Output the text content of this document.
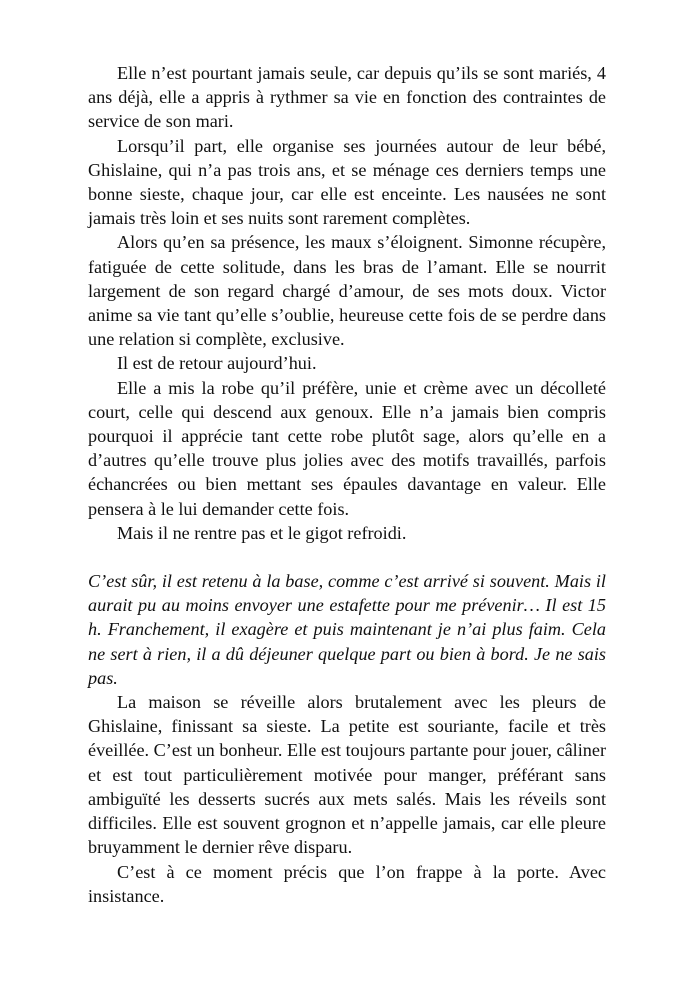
Elle n’est pourtant jamais seule, car depuis qu’ils se sont mariés, 4 ans déjà, elle a appris à rythmer sa vie en fonction des contraintes de service de son mari.

Lorsqu’il part, elle organise ses journées autour de leur bébé, Ghislaine, qui n’a pas trois ans, et se ménage ces derniers temps une bonne sieste, chaque jour, car elle est enceinte. Les nausées ne sont jamais très loin et ses nuits sont rarement complètes.

Alors qu’en sa présence, les maux s’éloignent. Simonne récupère, fatiguée de cette solitude, dans les bras de l’amant. Elle se nourrit largement de son regard chargé d’amour, de ses mots doux. Victor anime sa vie tant qu’elle s’oublie, heureuse cette fois de se perdre dans une relation si complète, exclusive.

Il est de retour aujourd’hui.

Elle a mis la robe qu’il préfère, unie et crème avec un décolleté court, celle qui descend aux genoux. Elle n’a jamais bien compris pourquoi il apprécie tant cette robe plutôt sage, alors qu’elle en a d’autres qu’elle trouve plus jolies avec des motifs travaillés, parfois échancrées ou bien mettant ses épaules davantage en valeur. Elle pensera à le lui demander cette fois.

Mais il ne rentre pas et le gigot refroidi.

C’est sûr, il est retenu à la base, comme c’est arrivé si souvent. Mais il aurait pu au moins envoyer une estafette pour me prévenir… Il est 15 h. Franchement, il exagère et puis maintenant je n’ai plus faim. Cela ne sert à rien, il a dû déjeuner quelque part ou bien à bord. Je ne sais pas.

La maison se réveille alors brutalement avec les pleurs de Ghislaine, finissant sa sieste. La petite est souriante, facile et très éveillée. C’est un bonheur. Elle est toujours partante pour jouer, câliner et est tout particulièrement motivée pour manger, préférant sans ambiguïté les desserts sucrés aux mets salés. Mais les réveils sont difficiles. Elle est souvent grognon et n’appelle jamais, car elle pleure bruyamment le dernier rêve disparu.

C’est à ce moment précis que l’on frappe à la porte. Avec insistance.
